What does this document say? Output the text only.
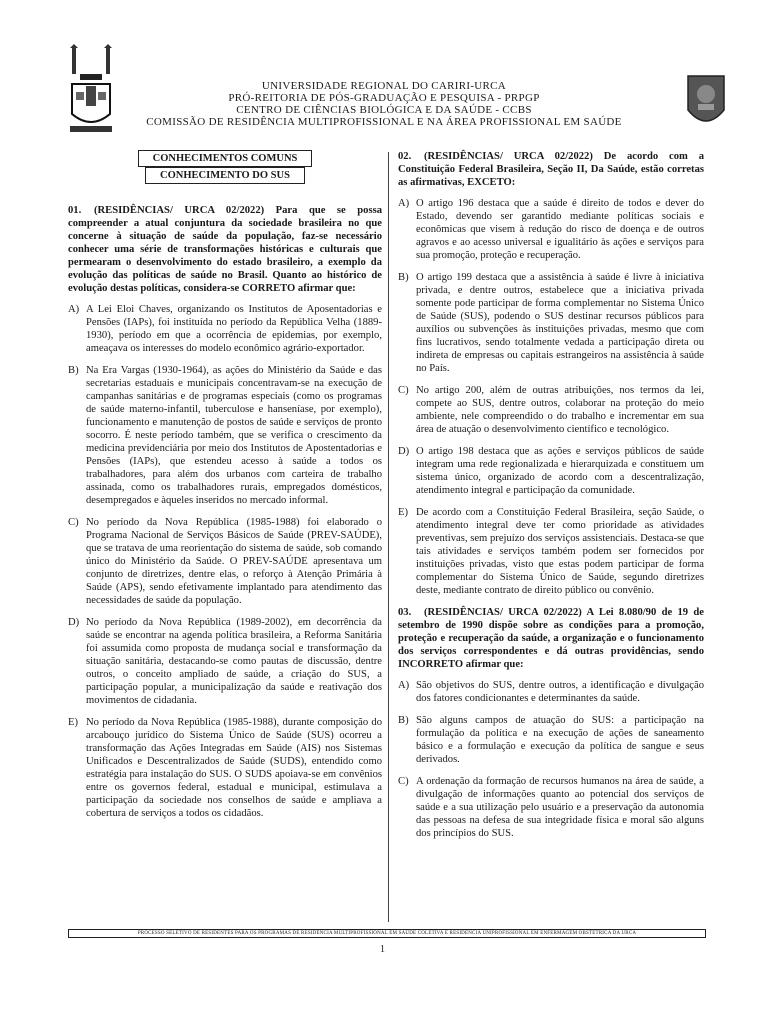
UNIVERSIDADE REGIONAL DO CARIRI-URCA
PRÓ-REITORIA DE PÓS-GRADUAÇÃO E PESQUISA - PRPGP
CENTRO DE CIÊNCIAS BIOLÓGICA E DA SAÚDE - CCBS
COMISSÃO DE RESIDÊNCIA MULTIPROFISSIONAL E NA ÁREA PROFISSIONAL EM SAÚDE
CONHECIMENTOS COMUNS
CONHECIMENTO DO SUS
01. (RESIDÊNCIAS/ URCA 02/2022) Para que se possa compreender a atual conjuntura da sociedade brasileira no que concerne à situação de saúde da população, faz-se necessário conhecer uma série de transformações históricas e culturais que permearam o desenvolvimento do estado brasileiro, a exemplo da evolução das políticas de saúde no Brasil. Quanto ao histórico de evolução destas políticas, considera-se CORRETO afirmar que:
A) A Lei Eloi Chaves, organizando os Institutos de Aposentadorias e Pensões (IAPs), foi instituída no período da República Velha (1889-1930), período em que a ocorrência de epidemias, por exemplo, ameaçava os interesses do modelo econômico agrário-exportador.
B) Na Era Vargas (1930-1964), as ações do Ministério da Saúde e das secretarias estaduais e municipais concentravam-se na execução de campanhas sanitárias e de programas especiais (como os programas de saúde materno-infantil, tuberculose e hanseníase, por exemplo), funcionamento e manutenção de postos de saúde e serviços de pronto socorro. É neste período também, que se verifica o crescimento da medicina previdenciária por meio dos Institutos de Apostentadorias e Pensões (IAPs), que estendeu acesso à saúde a todos os trabalhadores, para além dos urbanos com carteira de trabalho assinada, como os trabalhadores rurais, empregados domésticos, desempregados e àqueles inseridos no mercado informal.
C) No período da Nova República (1985-1988) foi elaborado o Programa Nacional de Serviços Básicos de Saúde (PREV-SAÚDE), que se tratava de uma reorientação do sistema de saúde, sob comando único do Ministério da Saúde. O PREV-SAÚDE apresentava um conjunto de diretrizes, dentre elas, o reforço à Atenção Primária à Saúde (APS), sendo efetivamente implantado para atendimento das necessidades de saúde da população.
D) No período da Nova República (1989-2002), em decorrência da saúde se encontrar na agenda política brasileira, a Reforma Sanitária foi assumida como proposta de mudança social e transformação da situação sanitária, destacando-se como pautas de discussão, dentre outros, o conceito ampliado de saúde, a criação do SUS, a participação popular, a municipalização da saúde e reativação dos movimentos de cidadania.
E) No período da Nova República (1985-1988), durante composição do arcabouço jurídico do Sistema Único de Saúde (SUS) ocorreu a transformação das Ações Integradas em Saúde (AIS) nos Sistemas Unificados e Descentralizados de Saúde (SUDS), entendido como estratégia para instalação do SUS. O SUDS apoiava-se em convênios entre os governos federal, estadual e municipal, estimulava a participação da sociedade nos conselhos de saúde e ampliava a cobertura de serviços a todos os cidadãos.
02. (RESIDÊNCIAS/ URCA 02/2022) De acordo com a Constituição Federal Brasileira, Seção II, Da Saúde, estão corretas as afirmativas, EXCETO:
A) O artigo 196 destaca que a saúde é direito de todos e dever do Estado, devendo ser garantido mediante políticas sociais e econômicas que visem à redução do risco de doença e de outros agravos e ao acesso universal e igualitário às ações e serviços para sua promoção, proteção e recuperação.
B) O artigo 199 destaca que a assistência à saúde é livre à iniciativa privada, e dentre outros, estabelece que a iniciativa privada somente pode participar de forma complementar no Sistema Único de Saúde (SUS), podendo o SUS destinar recursos públicos para auxílios ou subvenções às instituições privadas, mesmo que com fins lucrativos, sendo totalmente vedada a participação direta ou indireta de empresas ou capitais estrangeiros na assistência à saúde no País.
C) No artigo 200, além de outras atribuições, nos termos da lei, compete ao SUS, dentre outros, colaborar na proteção do meio ambiente, nele compreendido o do trabalho e incrementar em sua área de atuação o desenvolvimento científico e tecnológico.
D) O artigo 198 destaca que as ações e serviços públicos de saúde integram uma rede regionalizada e hierarquizada e constituem um sistema único, organizado de acordo com a descentralização, atendimento integral e participação da comunidade.
E) De acordo com a Constituição Federal Brasileira, seção Saúde, o atendimento integral deve ter como prioridade as atividades preventivas, sem prejuízo dos serviços assistenciais. Destaca-se que tais atividades e serviços também podem ser fornecidos por instituições privadas, visto que estas podem participar de forma complementar do Sistema Único de Saúde, segundo diretrizes deste, mediante contrato de direito público ou convênio.
03. (RESIDÊNCIAS/ URCA 02/2022) A Lei 8.080/90 de 19 de setembro de 1990 dispõe sobre as condições para a promoção, proteção e recuperação da saúde, a organização e o funcionamento dos serviços correspondentes e dá outras providências, sendo INCORRETO afirmar que:
A) São objetivos do SUS, dentre outros, a identificação e divulgação dos fatores condicionantes e determinantes da saúde.
B) São alguns campos de atuação do SUS: a participação na formulação da política e na execução de ações de saneamento básico e a formulação e execução da política de sangue e seus derivados.
C) A ordenação da formação de recursos humanos na área de saúde, a divulgação de informações quanto ao potencial dos serviços de saúde e a sua utilização pelo usuário e a preservação da autonomia das pessoas na defesa de sua integridade física e moral são alguns dos princípios do SUS.
PROCESSO SELETIVO DE RESIDENTES PARA OS PROGRAMAS DE RESIDÊNCIA MULTIPROFISSIONAL EM SAÚDE COLETIVA E RESIDÊNCIA UNIPROFISSIONAL EM ENFERMAGEM OBSTÉTRICA DA URCA
1
